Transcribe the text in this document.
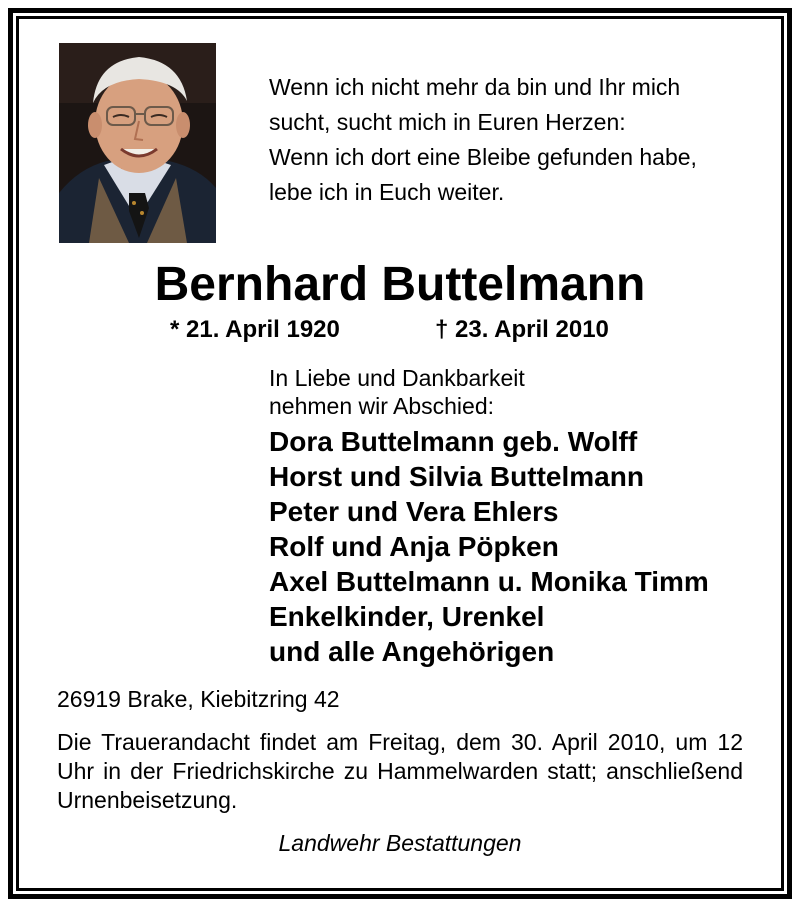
Wenn ich nicht mehr da bin und Ihr mich

sucht, sucht mich in Euren Herzen:

Wenn ich dort eine Bleibe gefunden habe,

lebe ich in Euch weiter.

Bernhard Buttelmann
* 21. April 1920	† 23. April 2010

In Liebe und Dankbarkeit

nehmen wir Abschied:

Dora Buttelmann geb. Wolff

Horst und Silvia Buttelmann

Peter und Vera Ehlers

Rolf und Anja Pöpken

Axel Buttelmann u. Monika Timm

Enkelkinder, Urenkel

und alle Angehörigen

26919 Brake, Kiebitzring 42

Die Trauerandacht findet am Freitag, dem 30. April 2010, um 12 Uhr in der Friedrichskirche zu Hammelwarden statt; anschließend Urnenbeisetzung.

Landwehr Bestattungen
